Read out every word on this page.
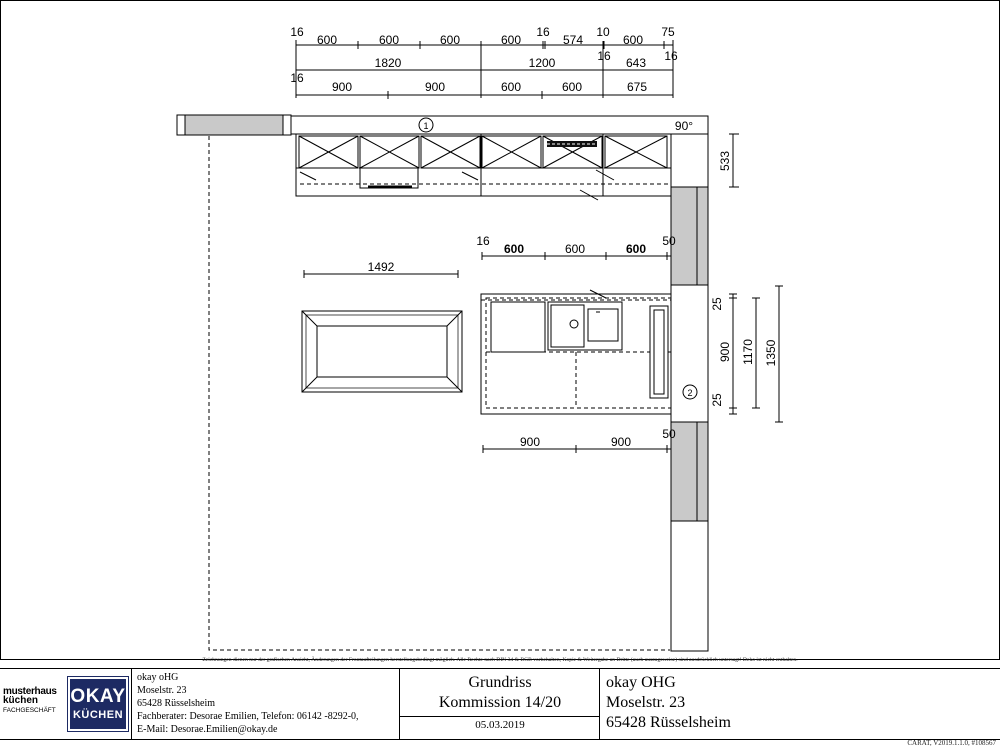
1
16
600	600	600	600
16
574
10
600
75
1820	1200	16 643 16
16
900	900	600	600	675
90°
533
16
600	600	600
50
1492
2
900	900
50
25
900
25
1170 1350
Zeichnungen dienen nur der grafischen Ansicht, Änderungen der Frontaufteilungen herstellungsbedingt möglich. Alle Rechte nach DIN 34 & BGB vorbehalten, Kopie & Weitergabe an Dritte (auch auszugsweise) sind ausdrücklich untersagt! Deko ist nicht enthalten.
musterhaus
küchen
FACHGESCHÄFT
OKAY
KÜCHEN
okay oHG
Moselstr. 23
65428 Rüsselsheim
Fachberater: Desorae Emilien, Telefon: 06142 -8292-0,
E-Mail: Desorae.Emilien@okay.de
Grundriss
Kommission 14/20
05.03.2019
okay OHG
Moselstr. 23
65428 Rüsselsheim
CARAT, V2019.1.1.0, #108567
